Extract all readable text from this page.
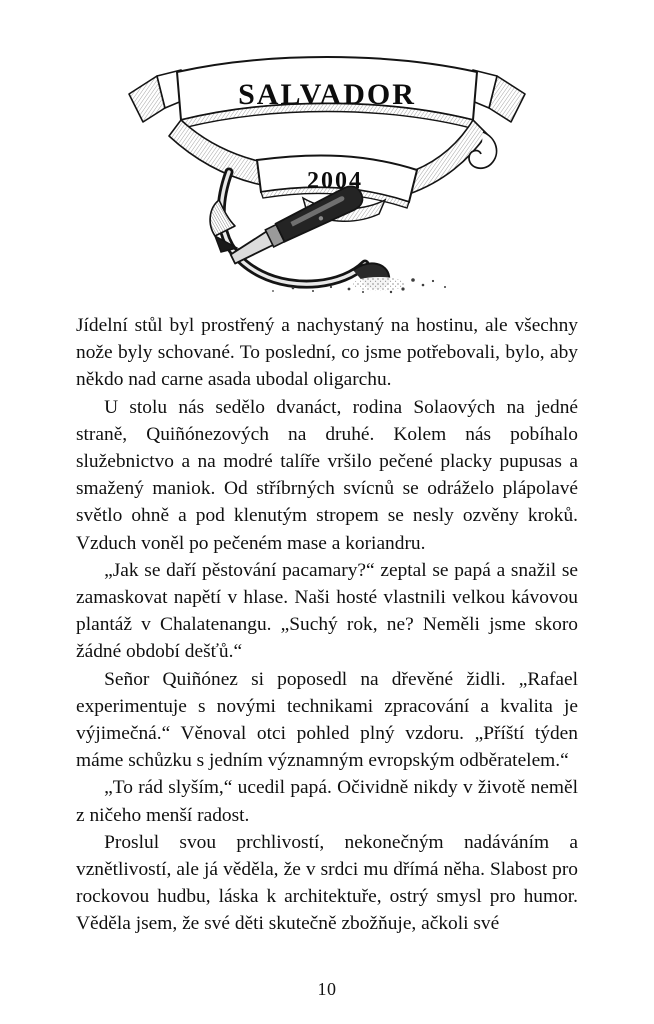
SALVADOR
2004

Jídelní stůl byl prostřený a nachystaný na hostinu, ale všechny nože byly schované. To poslední, co jsme potřebovali, bylo, aby někdo nad carne asada ubodal oligarchu.

U stolu nás sedělo dvanáct, rodina Solaových na jedné straně, Quiñónezových na druhé. Kolem nás pobíhalo služebnictvo a na modré talíře vršilo pečené placky pupusas a smažený maniok. Od stříbrných svícnů se odráželo plápolavé světlo ohně a pod klenutým stropem se nesly ozvěny kroků. Vzduch voněl po pečeném mase a koriandru.

„Jak se daří pěstování pacamary?“ zeptal se papá a snažil se zamaskovat napětí v hlase. Naši hosté vlastnili velkou kávovou plantáž v Chalatenangu. „Suchý rok, ne? Neměli jsme skoro žádné období dešťů.“

Señor Quiñónez si poposedl na dřevěné židli. „Rafael experimentuje s novými technikami zpracování a kvalita je výjimečná.“ Věnoval otci pohled plný vzdoru. „Příští týden máme schůzku s jedním významným evropským odběratelem.“

„To rád slyším,“ ucedil papá. Očividně nikdy v životě neměl z ničeho menší radost.

Proslul svou prchlivostí, nekonečným nadáváním a vznětlivostí, ale já věděla, že v srdci mu dřímá něha. Slabost pro rockovou hudbu, láska k architektuře, ostrý smysl pro humor. Věděla jsem, že své děti skutečně zbožňuje, ačkoli své

10
